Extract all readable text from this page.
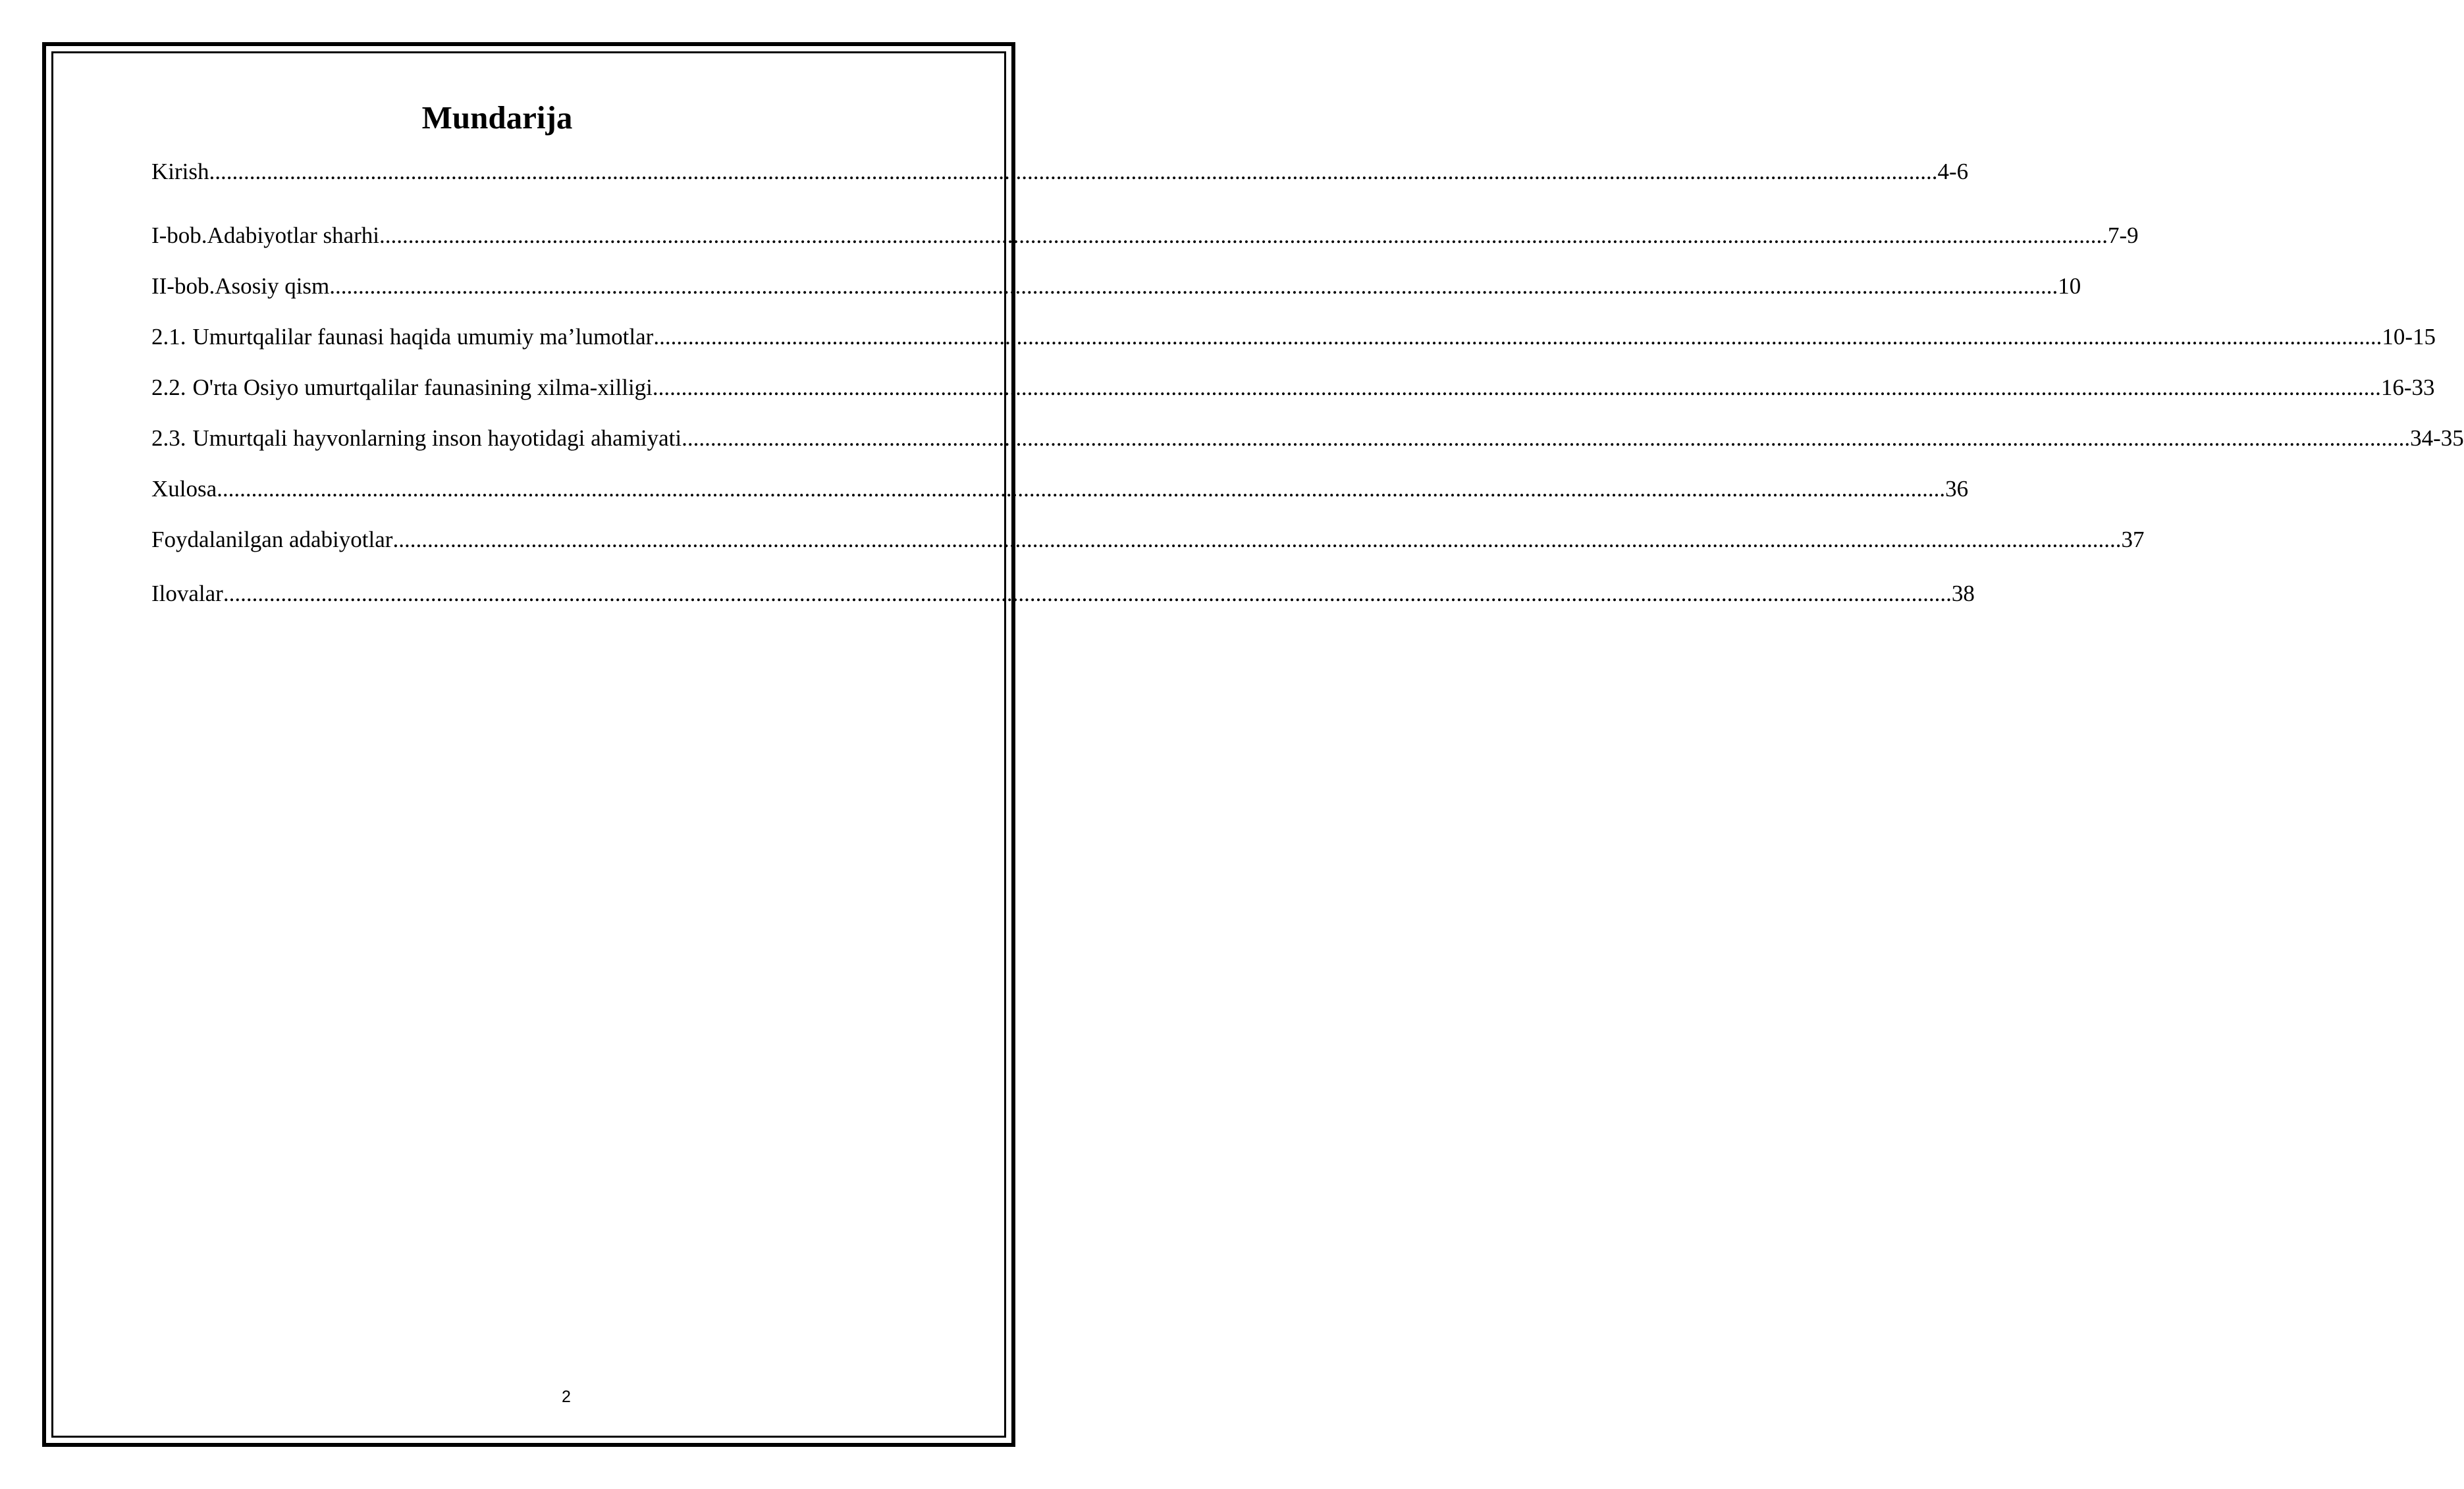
Mundarija
Kirish ............................................................................................................................................................................................................................................................................................................ 4-6
I-bob.Adabiyotlar sharhi ............................................................................................................................................................................................................................................................................................................ 7-9
II-bob.Asosiy qism ............................................................................................................................................................................................................................................................................................................ 10
2.1. Umurtqalilar faunasi haqida umumiy ma’lumotlar ............................................................................................................................................................................................................................................................................................................ 10-15
2.2. O'rta Osiyo umurtqalilar faunasining xilma-xilligi ............................................................................................................................................................................................................................................................................................................ 16-33
2.3. Umurtqali hayvonlarning inson hayotidagi ahamiyati ............................................................................................................................................................................................................................................................................................................ 34-35
Xulosa ............................................................................................................................................................................................................................................................................................................ 36
Foydalanilgan adabiyotlar ............................................................................................................................................................................................................................................................................................................ 37
Ilovalar ............................................................................................................................................................................................................................................................................................................ 38
2
